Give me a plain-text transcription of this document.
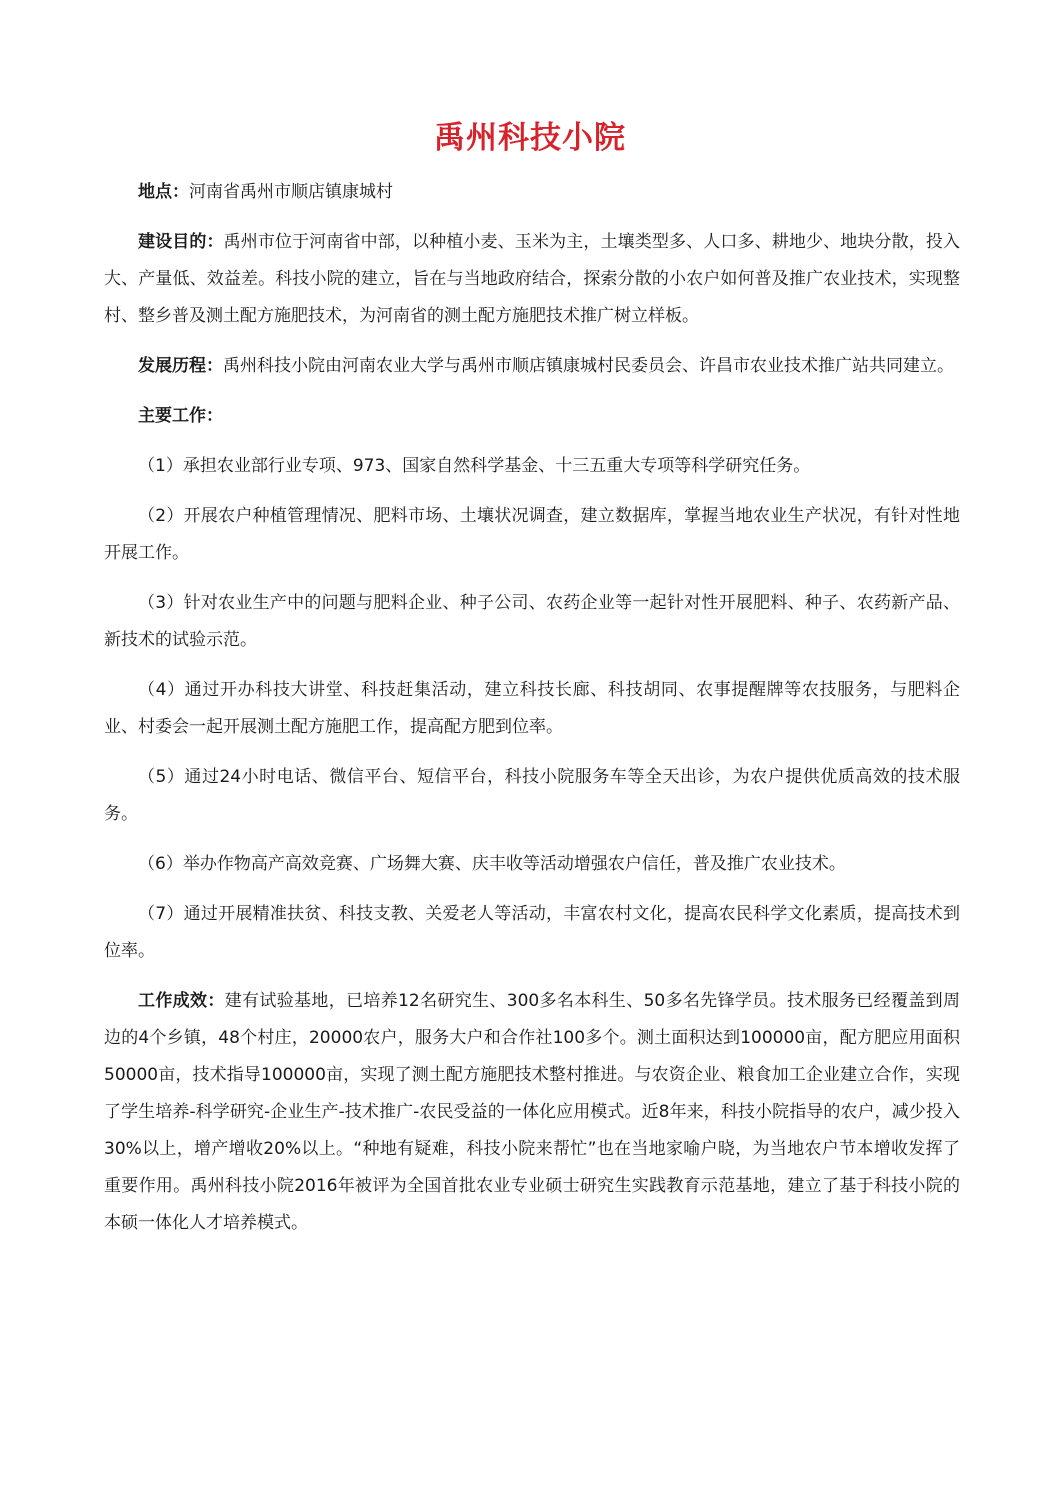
禹州科技小院

地点：河南省禹州市顺店镇康城村

建设目的：禹州市位于河南省中部，以种植小麦、玉米为主，土壤类型多、人口多、耕地少、地块分散，投入大、产量低、效益差。科技小院的建立，旨在与当地政府结合，探索分散的小农户如何普及推广农业技术，实现整村、整乡普及测土配方施肥技术，为河南省的测土配方施肥技术推广树立样板。

发展历程：禹州科技小院由河南农业大学与禹州市顺店镇康城村民委员会、许昌市农业技术推广站共同建立。

主要工作：

（1）承担农业部行业专项、973、国家自然科学基金、十三五重大专项等科学研究任务。

（2）开展农户种植管理情况、肥料市场、土壤状况调查，建立数据库，掌握当地农业生产状况，有针对性地开展工作。

（3）针对农业生产中的问题与肥料企业、种子公司、农药企业等一起针对性开展肥料、种子、农药新产品、新技术的试验示范。

（4）通过开办科技大讲堂、科技赶集活动，建立科技长廊、科技胡同、农事提醒牌等农技服务，与肥料企业、村委会一起开展测土配方施肥工作，提高配方肥到位率。

（5）通过24小时电话、微信平台、短信平台，科技小院服务车等全天出诊，为农户提供优质高效的技术服务。

（6）举办作物高产高效竞赛、广场舞大赛、庆丰收等活动增强农户信任，普及推广农业技术。

（7）通过开展精准扶贫、科技支教、关爱老人等活动，丰富农村文化，提高农民科学文化素质，提高技术到位率。

工作成效：建有试验基地，已培养12名研究生、300多名本科生、50多名先锋学员。技术服务已经覆盖到周边的4个乡镇，48个村庄，20000农户，服务大户和合作社100多个。测土面积达到100000亩，配方肥应用面积50000亩，技术指导100000亩，实现了测土配方施肥技术整村推进。与农资企业、粮食加工企业建立合作，实现了学生培养-科学研究-企业生产-技术推广-农民受益的一体化应用模式。近8年来，科技小院指导的农户，减少投入30%以上，增产增收20%以上。“种地有疑难，科技小院来帮忙”也在当地家喻户晓，为当地农户节本增收发挥了重要作用。禹州科技小院2016年被评为全国首批农业专业硕士研究生实践教育示范基地，建立了基于科技小院的本硕一体化人才培养模式。
